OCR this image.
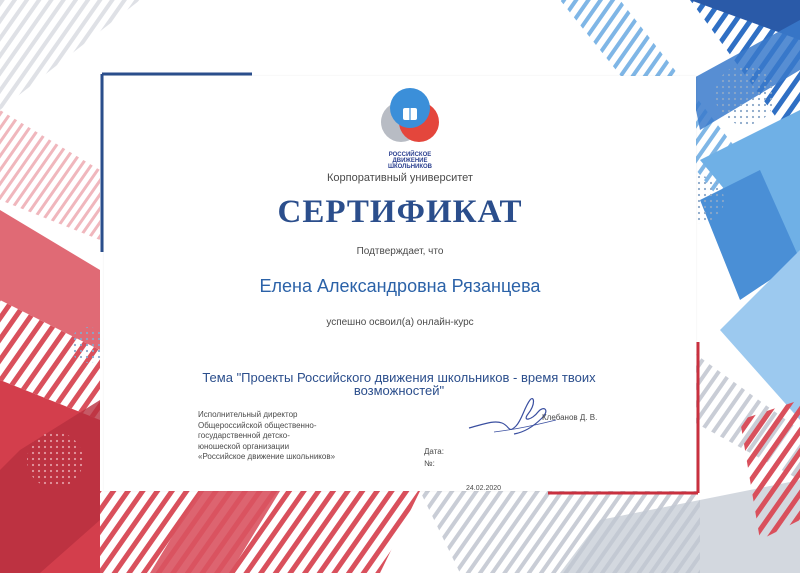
РОССИЙСКОЕ
ДВИЖЕНИЕ ШКОЛЬНИКОВ
Корпоративный университет
СЕРТИФИКАТ
Подтверждает, что
Елена Александровна Рязанцева
успешно освоил(а) онлайн-курс
Тема "Проекты Российского движения школьников - время твоих
возможностей"
Исполнительный директор
Общероссийской общественно-
государственной детско-
юношеской организации
«Российское движение школьников»
Клебанов Д. В.
Дата:
№:
24.02.2020
